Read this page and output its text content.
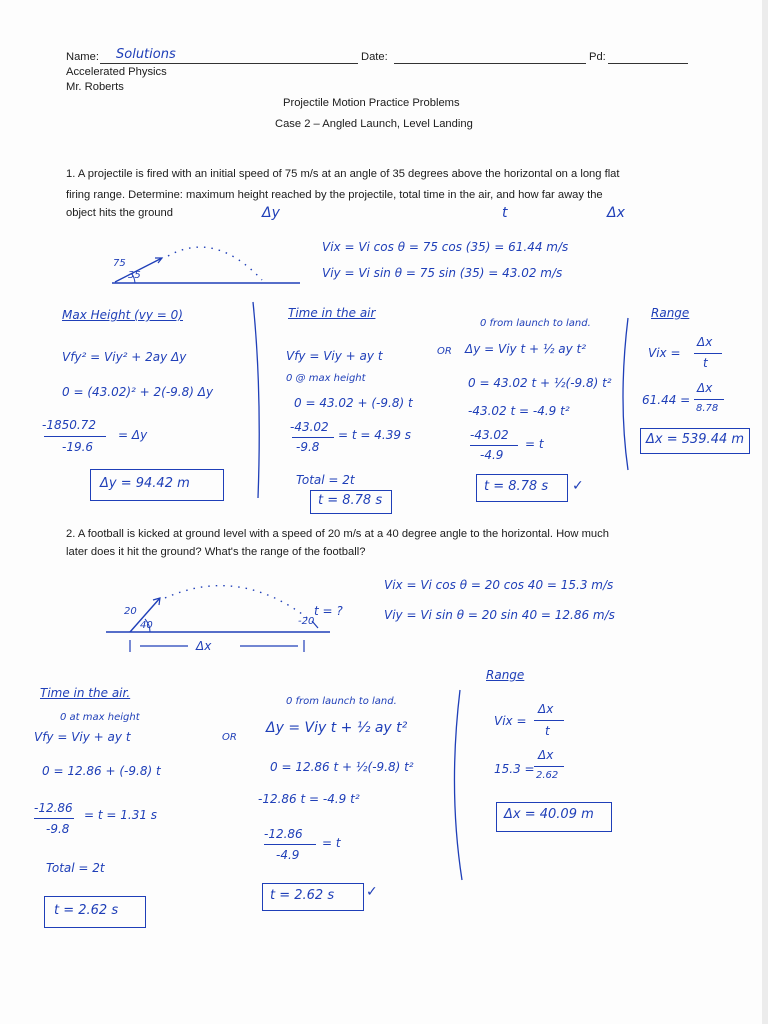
Name: Solutions	Date:	Pd:
Accelerated Physics
Mr. Roberts
Projectile Motion Practice Problems
Case 2 – Angled Launch, Level Landing
1. A projectile is fired with an initial speed of 75 m/s at an angle of 35 degrees above the horizontal on a long flat
firing range. Determine: maximum height reached by the projectile, total time in the air, and how far away the
object hits the ground	Δy	t	Δx
75
35
Vix = Vi cos θ = 75 cos (35) = 61.44 m/s
Viy = Vi sin θ = 75 sin (35) = 43.02 m/s
Max Height (vy = 0)
Vfy² = Viy² + 2ay Δy
0 = (43.02)² + 2(-9.8) Δy
-1850.72
-19.6
= Δy
Δy = 94.42 m
Time in the air
Vfy = Viy + ay t
0 @ max height
0 = 43.02 + (-9.8) t
-43.02
-9.8
= t = 4.39 s
Total = 2t
t = 8.78 s
0 from launch to land.
OR Δy = Viy t + ½ ay t²
0 = 43.02 t + ½(-9.8) t²
-43.02 t = -4.9 t²
-43.02
-4.9
= t
t = 8.78 s ✓
Range
Vix =
Δx
t
61.44 =
Δx
8.78
Δx = 539.44 m
2. A football is kicked at ground level with a speed of 20 m/s at a 40 degree angle to the horizontal. How much
later does it hit the ground? What's the range of the football?
20
40	-20
t = ?
Δx
Vix = Vi cos θ = 20 cos 40 = 15.3 m/s
Viy = Vi sin θ = 20 sin 40 = 12.86 m/s
Time in the air.
0 at max height
Vfy = Viy + ay t
0 = 12.86 + (-9.8) t
-12.86
-9.8
= t = 1.31 s
Total = 2t
t = 2.62 s
0 from launch to land.
OR
Δy = Viy t + ½ ay t²
0 = 12.86 t + ½(-9.8) t²
-12.86 t = -4.9 t²
-12.86
-4.9
= t
t = 2.62 s ✓
Range
Vix =
Δx
t
15.3 =
Δx
2.62
Δx = 40.09 m
